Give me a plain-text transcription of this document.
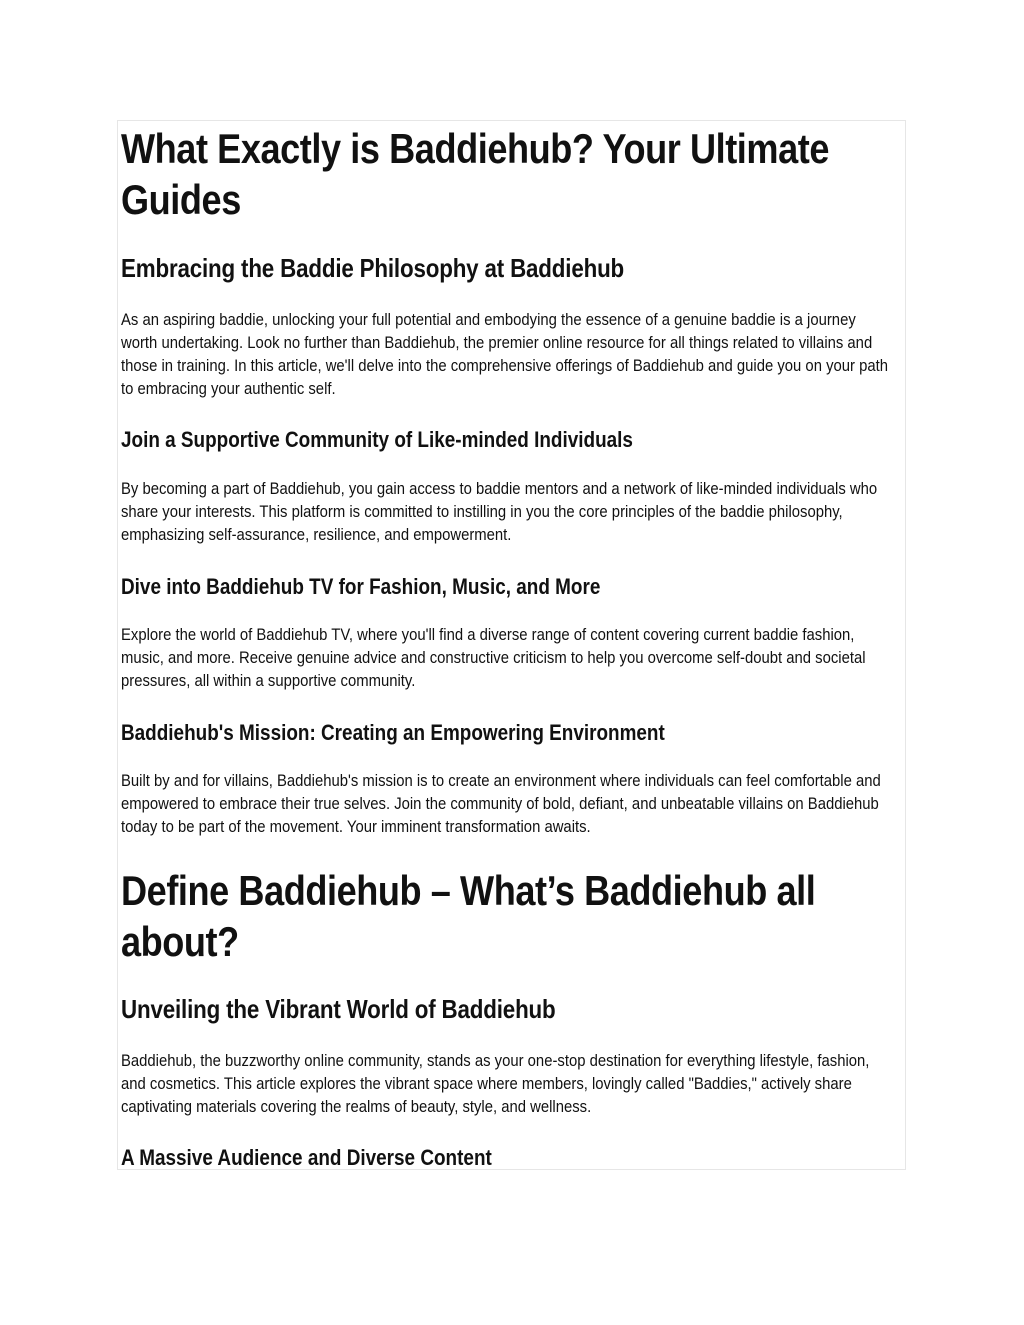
What Exactly is Baddiehub? Your Ultimate Guides
Embracing the Baddie Philosophy at Baddiehub

As an aspiring baddie, unlocking your full potential and embodying the essence of a genuine baddie is a journey worth undertaking. Look no further than Baddiehub, the premier online resource for all things related to villains and those in training. In this article, we'll delve into the comprehensive offerings of Baddiehub and guide you on your path to embracing your authentic self.

Join a Supportive Community of Like-minded Individuals

By becoming a part of Baddiehub, you gain access to baddie mentors and a network of like-minded individuals who share your interests. This platform is committed to instilling in you the core principles of the baddie philosophy, emphasizing self-assurance, resilience, and empowerment.

Dive into Baddiehub TV for Fashion, Music, and More

Explore the world of Baddiehub TV, where you'll find a diverse range of content covering current baddie fashion, music, and more. Receive genuine advice and constructive criticism to help you overcome self-doubt and societal pressures, all within a supportive community.

Baddiehub's Mission: Creating an Empowering Environment

Built by and for villains, Baddiehub's mission is to create an environment where individuals can feel comfortable and empowered to embrace their true selves. Join the community of bold, defiant, and unbeatable villains on Baddiehub today to be part of the movement. Your imminent transformation awaits.

Define Baddiehub – What’s Baddiehub all about?
Unveiling the Vibrant World of Baddiehub

Baddiehub, the buzzworthy online community, stands as your one-stop destination for everything lifestyle, fashion, and cosmetics. This article explores the vibrant space where members, lovingly called "Baddies," actively share captivating materials covering the realms of beauty, style, and wellness.

A Massive Audience and Diverse Content
